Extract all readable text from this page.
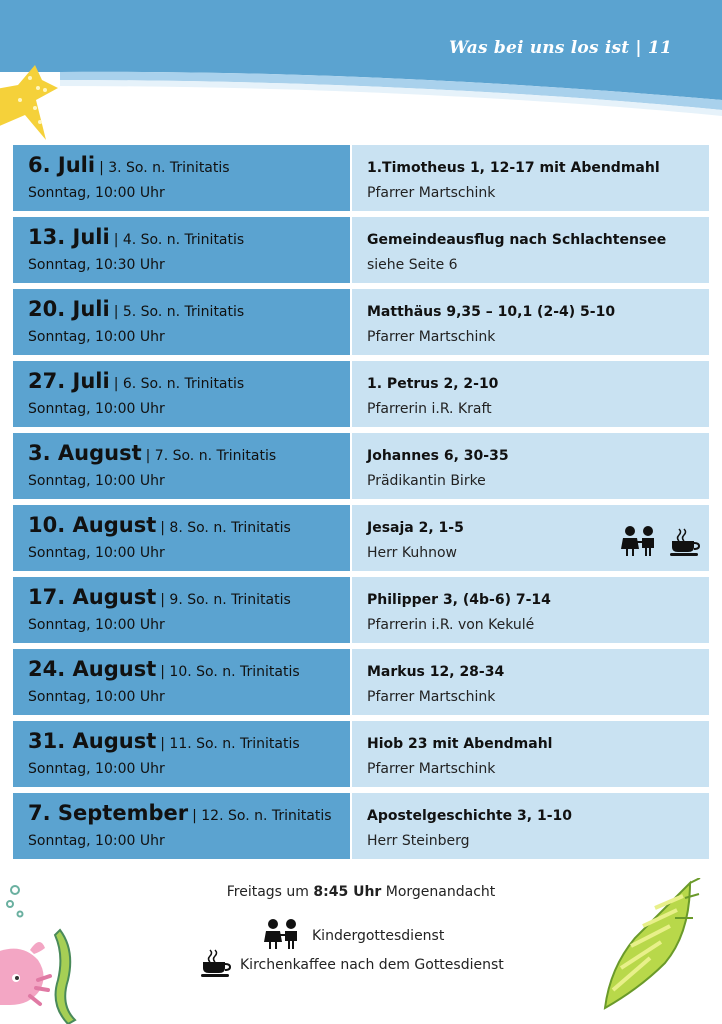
Was bei uns los ist | 11
6. Juli | 3. So. n. Trinitatis
Sonntag, 10:00 Uhr
1.Timotheus 1, 12-17 mit Abendmahl
Pfarrer Martschink
13. Juli | 4. So. n. Trinitatis
Sonntag, 10:30 Uhr
Gemeindeausflug nach Schlachtensee
siehe Seite 6
20. Juli | 5. So. n. Trinitatis
Sonntag, 10:00 Uhr
Matthäus 9,35 – 10,1 (2-4) 5-10
Pfarrer Martschink
27. Juli | 6. So. n. Trinitatis
Sonntag, 10:00 Uhr
1. Petrus 2, 2-10
Pfarrerin i.R. Kraft
3. August | 7. So. n. Trinitatis
Sonntag, 10:00 Uhr
Johannes 6, 30-35
Prädikantin Birke
10. August | 8. So. n. Trinitatis
Sonntag, 10:00 Uhr
Jesaja 2, 1-5
Herr Kuhnow
17. August | 9. So. n. Trinitatis
Sonntag, 10:00 Uhr
Philipper 3, (4b-6) 7-14
Pfarrerin i.R. von Kekulé
24. August | 10. So. n. Trinitatis
Sonntag, 10:00 Uhr
Markus 12, 28-34
Pfarrer Martschink
31. August | 11. So. n. Trinitatis
Sonntag, 10:00 Uhr
Hiob 23 mit Abendmahl
Pfarrer Martschink
7. September | 12. So. n. Trinitatis
Sonntag, 10:00 Uhr
Apostelgeschichte 3, 1-10
Herr Steinberg
Freitags um 8:45 Uhr Morgenandacht
Kindergottesdienst
Kirchenkaffee nach dem Gottesdienst
